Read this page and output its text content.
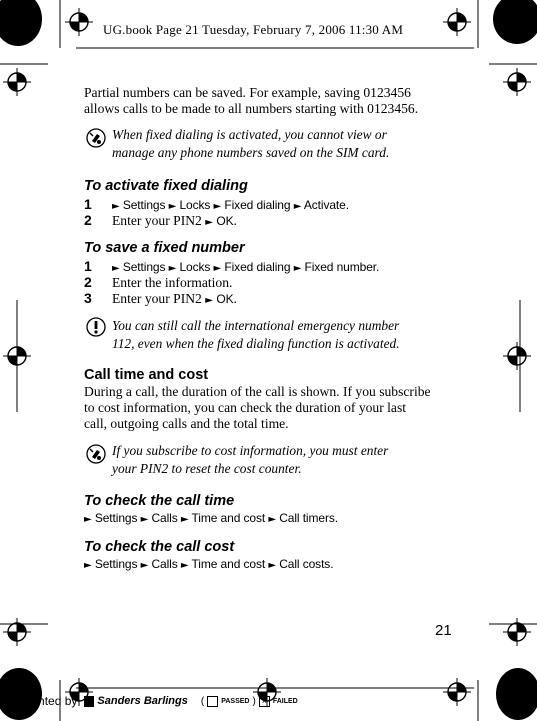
UG.book Page 21 Tuesday, February 7, 2006 11:30 AM
Partial numbers can be saved. For example, saving 0123456
allows calls to be made to all numbers starting with 0123456.
When fixed dialing is activated, you cannot view or
manage any phone numbers saved on the SIM card.
To activate fixed dialing
1	► Settings ► Locks ► Fixed dialing ► Activate.
2	Enter your PIN2 ► OK.
To save a fixed number
1	► Settings ► Locks ► Fixed dialing ► Fixed number.
2	Enter the information.
3	Enter your PIN2 ► OK.
You can still call the international emergency number
112, even when the fixed dialing function is activated.
Call time and cost
During a call, the duration of the call is shown. If you subscribe
to cost information, you can check the duration of your last
call, outgoing calls and the total time.
If you subscribe to cost information, you must enter
your PIN2 to reset the cost counter.
To check the call time
► Settings ► Calls ► Time and cost ► Call timers.
To check the call cost
► Settings ► Calls ► Time and cost ► Call costs.
21
Preflighted by Sanders Barlings ( PASSED ) × FAILED
